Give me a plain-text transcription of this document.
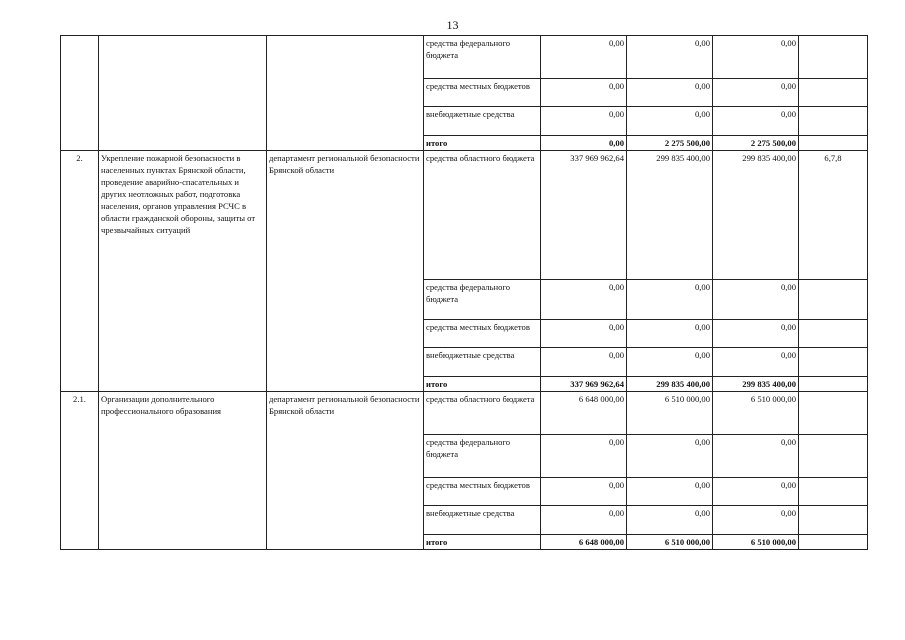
13
			средства федерального бюджета	0,00	0,00	0,00	
			средства местных бюджетов	0,00	0,00	0,00	
			внебюджетные средства	0,00	0,00	0,00	
			итого	0,00	2 275 500,00	2 275 500,00	
2.	Укрепление пожарной безопасности в населенных пунктах Брянской области, проведение аварийно-спасательных и других неотложных работ, подготовка населения, органов управления РСЧС в области гражданской обороны, защиты от чрезвычайных ситуаций	департамент региональной безопасности Брянской области	средства областного бюджета	337 969 962,64	299 835 400,00	299 835 400,00	6,7,8
			средства федерального бюджета	0,00	0,00	0,00	
			средства местных бюджетов	0,00	0,00	0,00	
			внебюджетные средства	0,00	0,00	0,00	
			итого	337 969 962,64	299 835 400,00	299 835 400,00	
2.1.	Организации дополнительного профессионального образования	департамент региональной безопасности Брянской области	средства областного бюджета	6 648 000,00	6 510 000,00	6 510 000,00	
			средства федерального бюджета	0,00	0,00	0,00	
			средства местных бюджетов	0,00	0,00	0,00	
			внебюджетные средства	0,00	0,00	0,00	
			итого	6 648 000,00	6 510 000,00	6 510 000,00	
